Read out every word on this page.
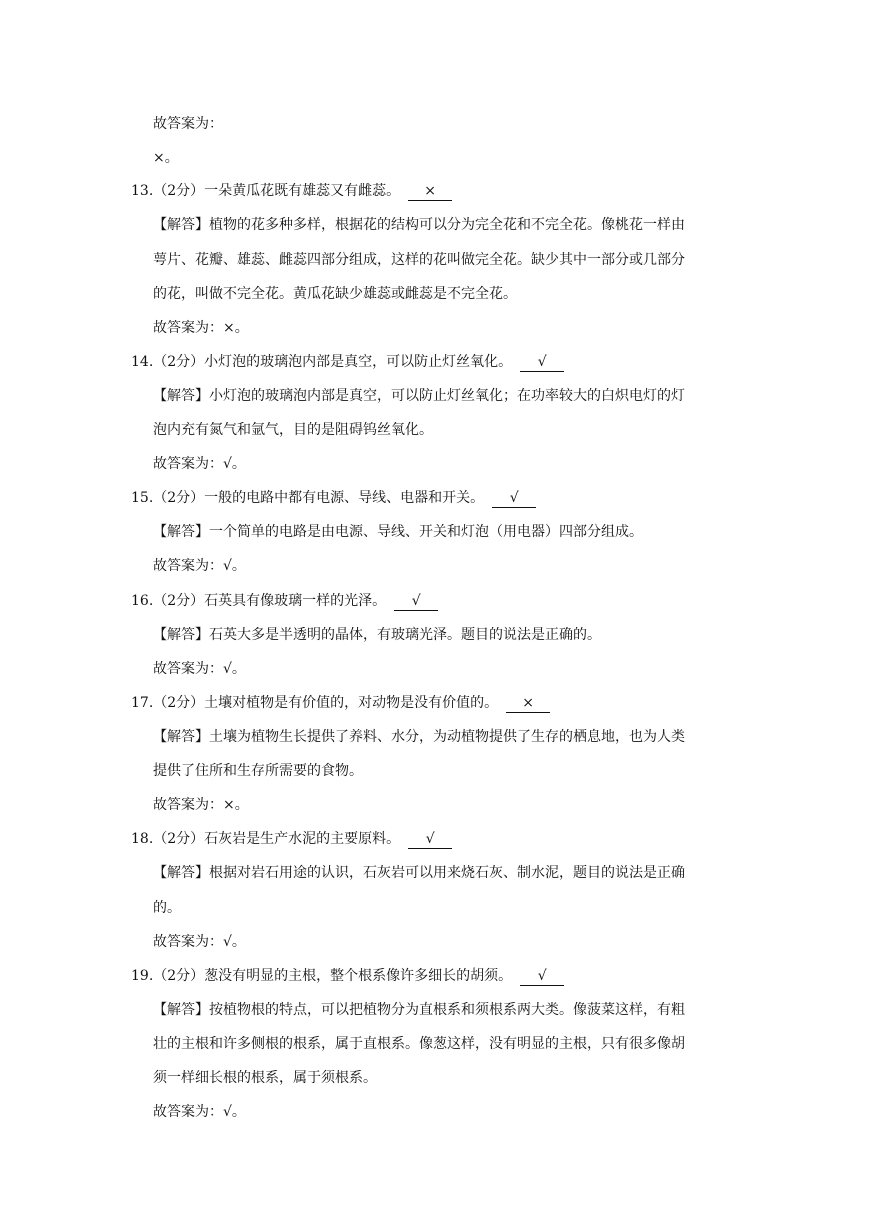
故答案为：
×。
13.（2分）一朵黄瓜花既有雄蕊又有雌蕊。 ×
【解答】植物的花多种多样，根据花的结构可以分为完全花和不完全花。像桃花一样由
萼片、花瓣、雄蕊、雌蕊四部分组成，这样的花叫做完全花。缺少其中一部分或几部分
的花，叫做不完全花。黄瓜花缺少雄蕊或雌蕊是不完全花。
故答案为：×。
14.（2分）小灯泡的玻璃泡内部是真空，可以防止灯丝氧化。 √
【解答】小灯泡的玻璃泡内部是真空，可以防止灯丝氧化；在功率较大的白炽电灯的灯
泡内充有氮气和氩气，目的是阻碍钨丝氧化。
故答案为：√。
15.（2分）一般的电路中都有电源、导线、电器和开关。 √
【解答】一个简单的电路是由电源、导线、开关和灯泡（用电器）四部分组成。
故答案为：√。
16.（2分）石英具有像玻璃一样的光泽。 √
【解答】石英大多是半透明的晶体，有玻璃光泽。题目的说法是正确的。
故答案为：√。
17.（2分）土壤对植物是有价值的，对动物是没有价值的。 ×
【解答】土壤为植物生长提供了养料、水分，为动植物提供了生存的栖息地，也为人类
提供了住所和生存所需要的食物。
故答案为：×。
18.（2分）石灰岩是生产水泥的主要原料。 √
【解答】根据对岩石用途的认识，石灰岩可以用来烧石灰、制水泥，题目的说法是正确
的。
故答案为：√。
19.（2分）葱没有明显的主根，整个根系像许多细长的胡须。 √
【解答】按植物根的特点，可以把植物分为直根系和须根系两大类。像菠菜这样，有粗
壮的主根和许多侧根的根系，属于直根系。像葱这样，没有明显的主根，只有很多像胡
须一样细长根的根系，属于须根系。
故答案为：√。
